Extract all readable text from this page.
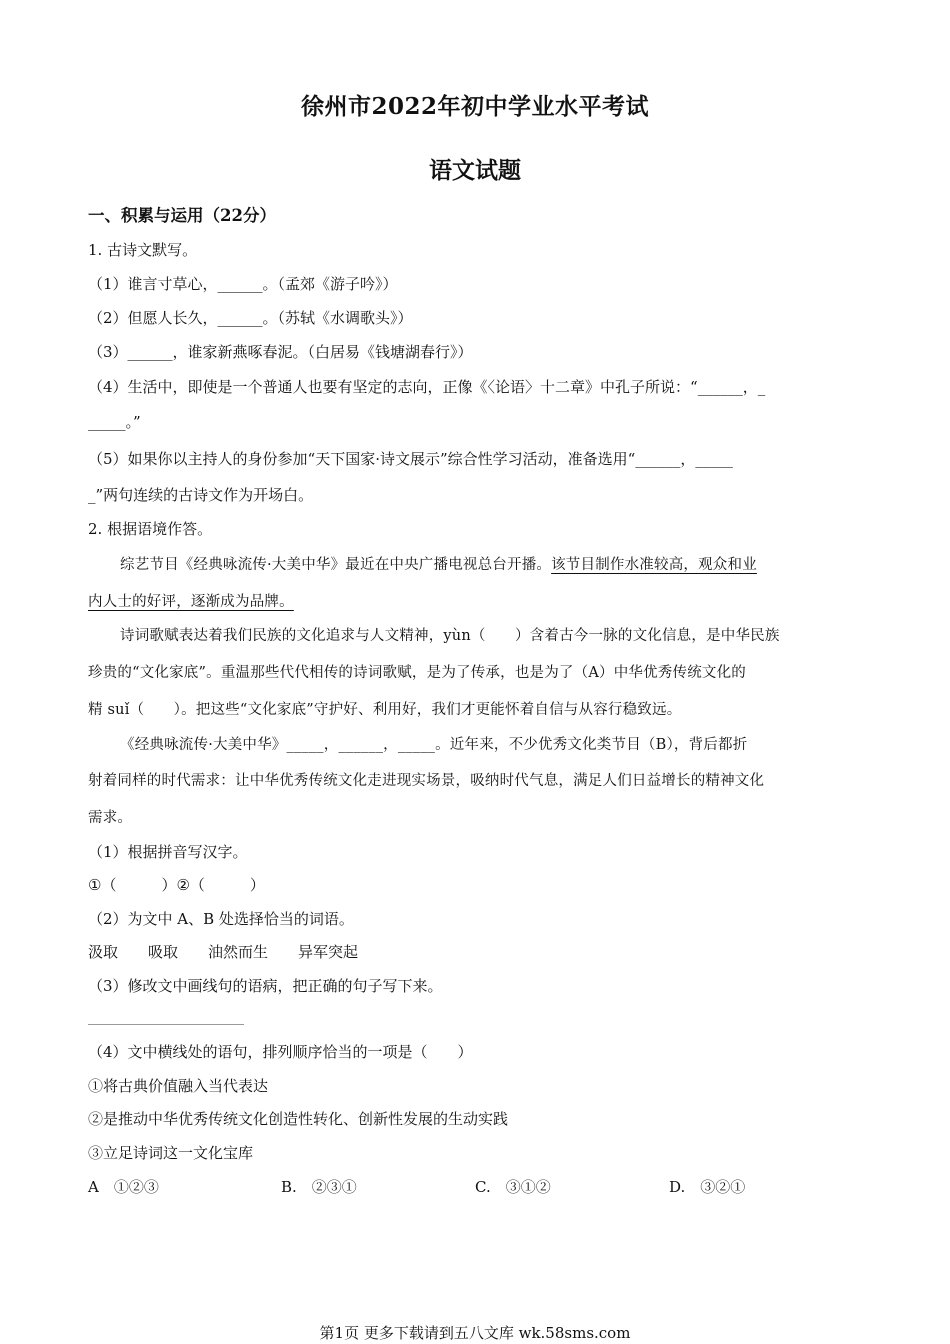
徐州市2022年初中学业水平考试
语文试题
一、积累与运用（22分）
1. 古诗文默写。
（1）谁言寸草心，______。（孟郊《游子吟》）
（2）但愿人长久，______。（苏轼《水调歌头》）
（3）______，谁家新燕啄春泥。（白居易《钱塘湖春行》）
（4）生活中，即使是一个普通人也要有坚定的志向，正像《〈论语〉十二章》中孔子所说：“______，_
_____。”
（5）如果你以主持人的身份参加“天下国家·诗文展示”综合性学习活动，准备选用“______，_____
_”两句连续的古诗文作为开场白。
2. 根据语境作答。
综艺节目《经典咏流传·大美中华》最近在中央广播电视总台开播。该节目制作水准较高，观众和业
内人士的好评，逐渐成为品牌。
诗词歌赋表达着我们民族的文化追求与人文精神，yùn（　　）含着古今一脉的文化信息，是中华民族
珍贵的“文化家底”。重温那些代代相传的诗词歌赋，是为了传承，也是为了（A）中华优秀传统文化的
精 suǐ（　　）。把这些“文化家底”守护好、利用好，我们才更能怀着自信与从容行稳致远。
《经典咏流传·大美中华》_____，______，_____。近年来，不少优秀文化类节目（B），背后都折
射着同样的时代需求：让中华优秀传统文化走进现实场景，吸纳时代气息，满足人们日益增长的精神文化
需求。
（1）根据拼音写汉字。
①（　　　）②（　　　）
（2）为文中 A、B 处选择恰当的词语。
汲取　　吸取　　油然而生　　异军突起
（3）修改文中画线句的语病，把正确的句子写下来。
（4）文中横线处的语句，排列顺序恰当的一项是（　　）
①将古典价值融入当代表达
②是推动中华优秀传统文化创造性转化、创新性发展的生动实践
③立足诗词这一文化宝库
A　①②③	B.　②③①	C.　③①②	D.　③②①
第1页 更多下载请到五八文库 wk.58sms.com
